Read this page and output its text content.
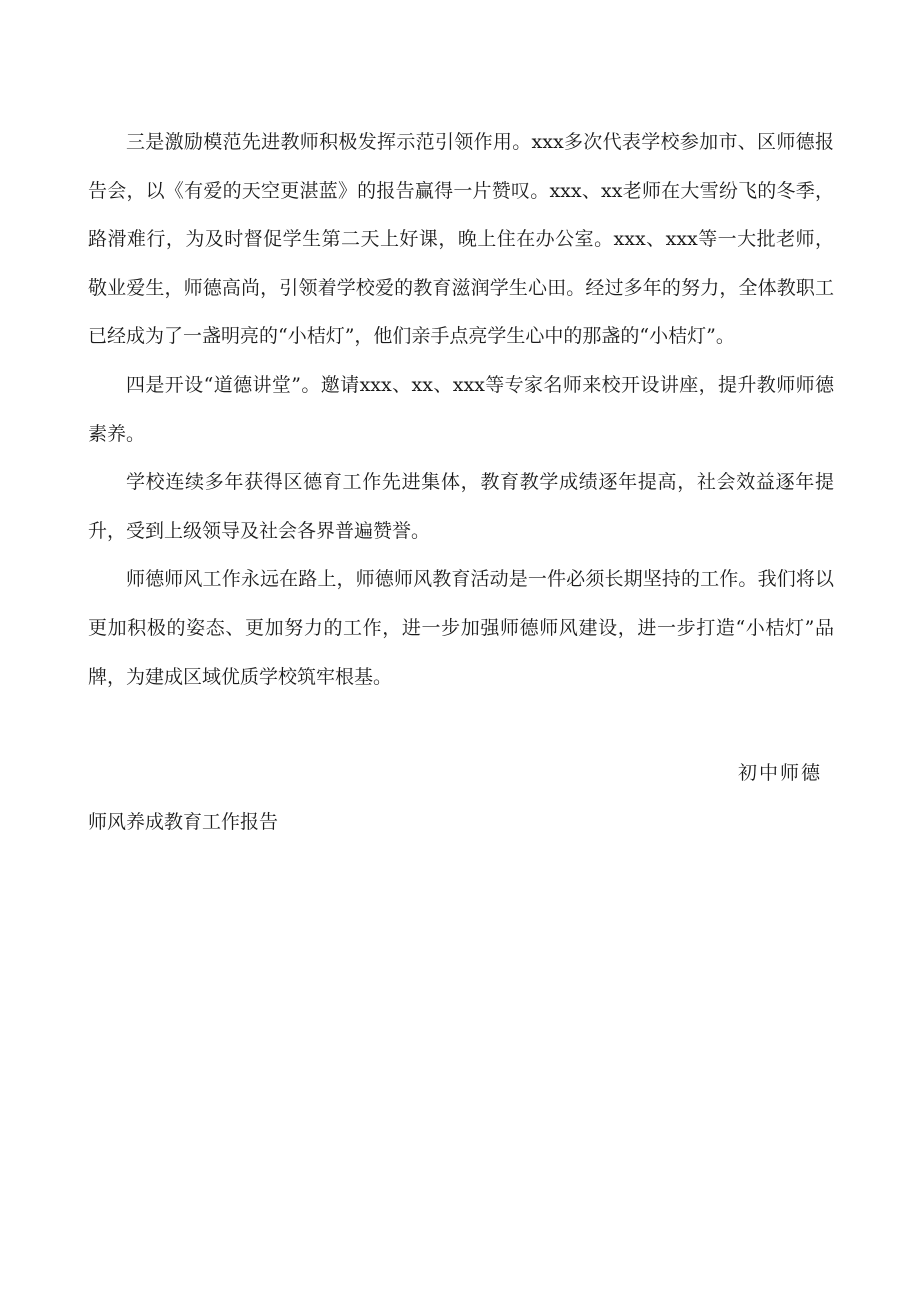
三是激励模范先进教师积极发挥示范引领作用。xxx多次代表学校参加市、区师德报告会，以《有爱的天空更湛蓝》的报告赢得一片赞叹。xxx、xx老师在大雪纷飞的冬季，路滑难行，为及时督促学生第二天上好课，晚上住在办公室。xxx、xxx等一大批老师，敬业爱生，师德高尚，引领着学校爱的教育滋润学生心田。经过多年的努力，全体教职工已经成为了一盏明亮的“小桔灯”，他们亲手点亮学生心中的那盏的“小桔灯”。

四是开设“道德讲堂”。邀请xxx、xx、xxx等专家名师来校开设讲座，提升教师师德素养。

学校连续多年获得区德育工作先进集体，教育教学成绩逐年提高，社会效益逐年提升，受到上级领导及社会各界普遍赞誉。

师德师风工作永远在路上，师德师风教育活动是一件必须长期坚持的工作。我们将以更加积极的姿态、更加努力的工作，进一步加强师德师风建设，进一步打造“小桔灯”品牌，为建成区域优质学校筑牢根基。

初中师德

师风养成教育工作报告
